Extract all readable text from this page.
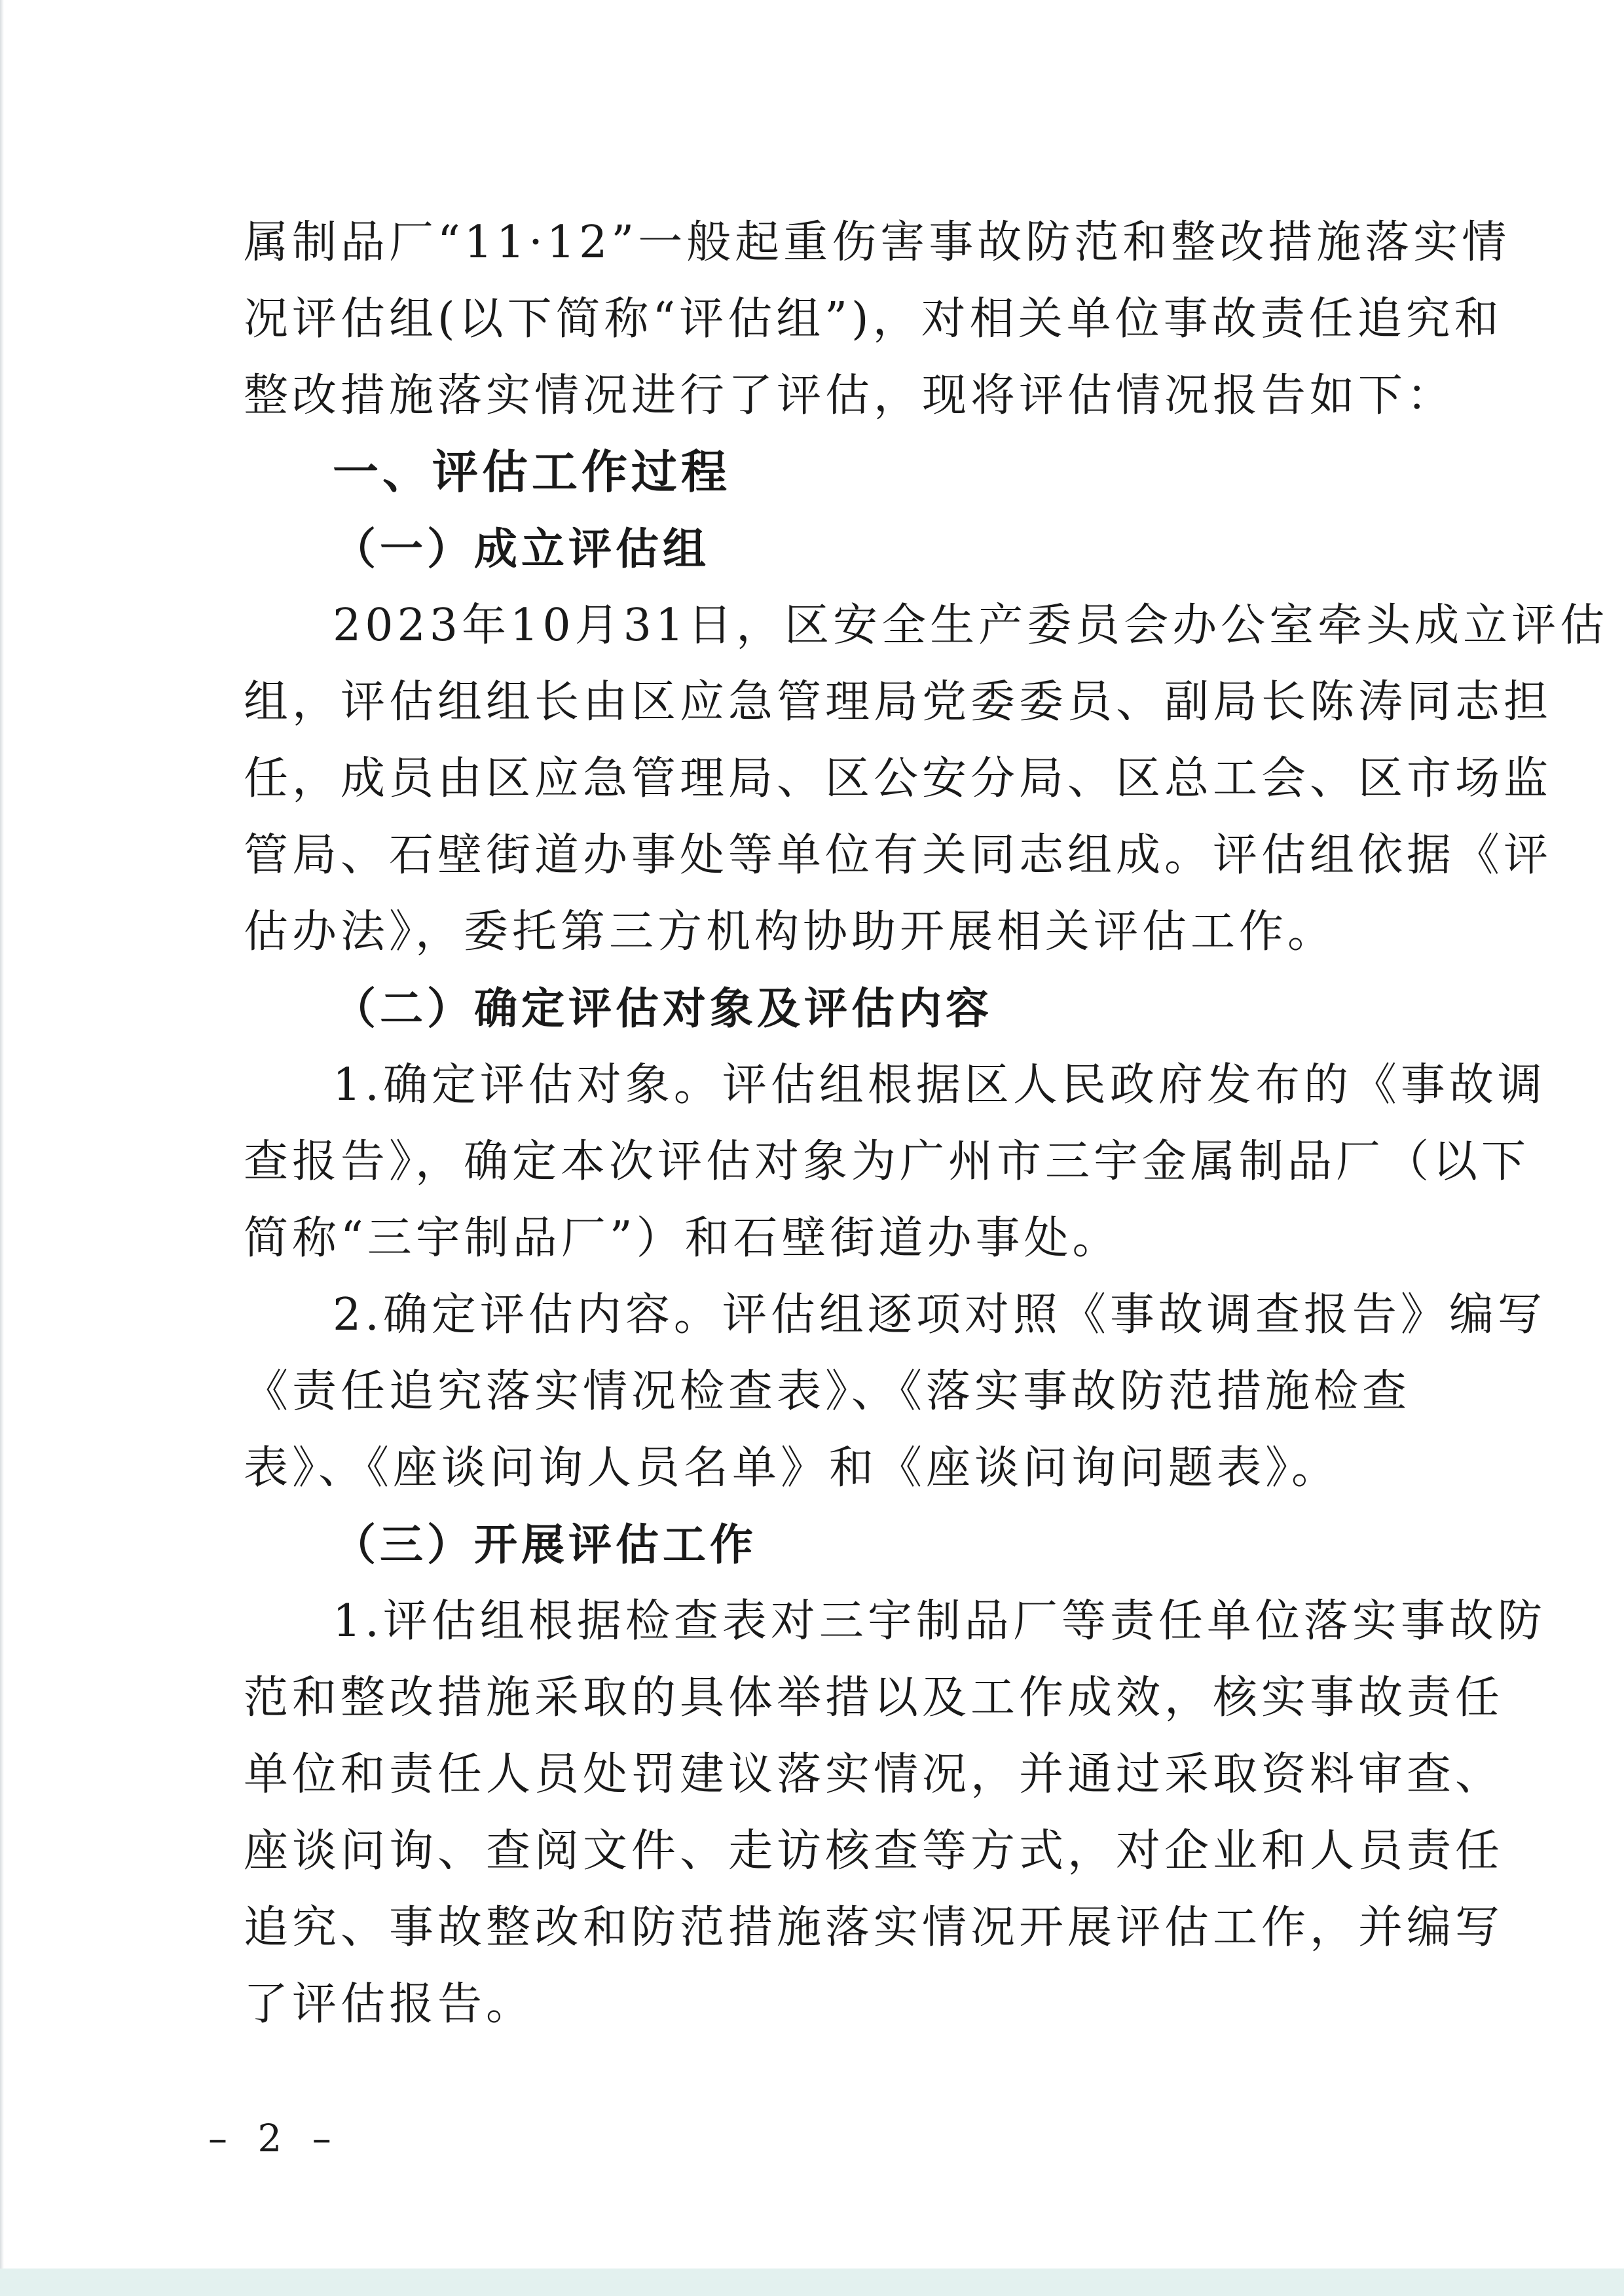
属制品厂“11·12”一般起重伤害事故防范和整改措施落实情
况评估组(以下简称“评估组”)，对相关单位事故责任追究和
整改措施落实情况进行了评估，现将评估情况报告如下：
一、评估工作过程
（一）成立评估组
2023年10月31日，区安全生产委员会办公室牵头成立评估
组，评估组组长由区应急管理局党委委员、副局长陈涛同志担
任，成员由区应急管理局、区公安分局、区总工会、区市场监
管局、石壁街道办事处等单位有关同志组成。评估组依据《评
估办法》，委托第三方机构协助开展相关评估工作。
（二）确定评估对象及评估内容
1.确定评估对象。评估组根据区人民政府发布的《事故调
查报告》，确定本次评估对象为广州市三宇金属制品厂（以下
简称“三宇制品厂”）和石壁街道办事处。
2.确定评估内容。评估组逐项对照《事故调查报告》编写
《责任追究落实情况检查表》、《落实事故防范措施检查
表》、《座谈问询人员名单》和《座谈问询问题表》。
（三）开展评估工作
1.评估组根据检查表对三宇制品厂等责任单位落实事故防
范和整改措施采取的具体举措以及工作成效，核实事故责任
单位和责任人员处罚建议落实情况，并通过采取资料审查、
座谈问询、查阅文件、走访核查等方式，对企业和人员责任
追究、事故整改和防范措施落实情况开展评估工作，并编写
了评估报告。
– 2 –
